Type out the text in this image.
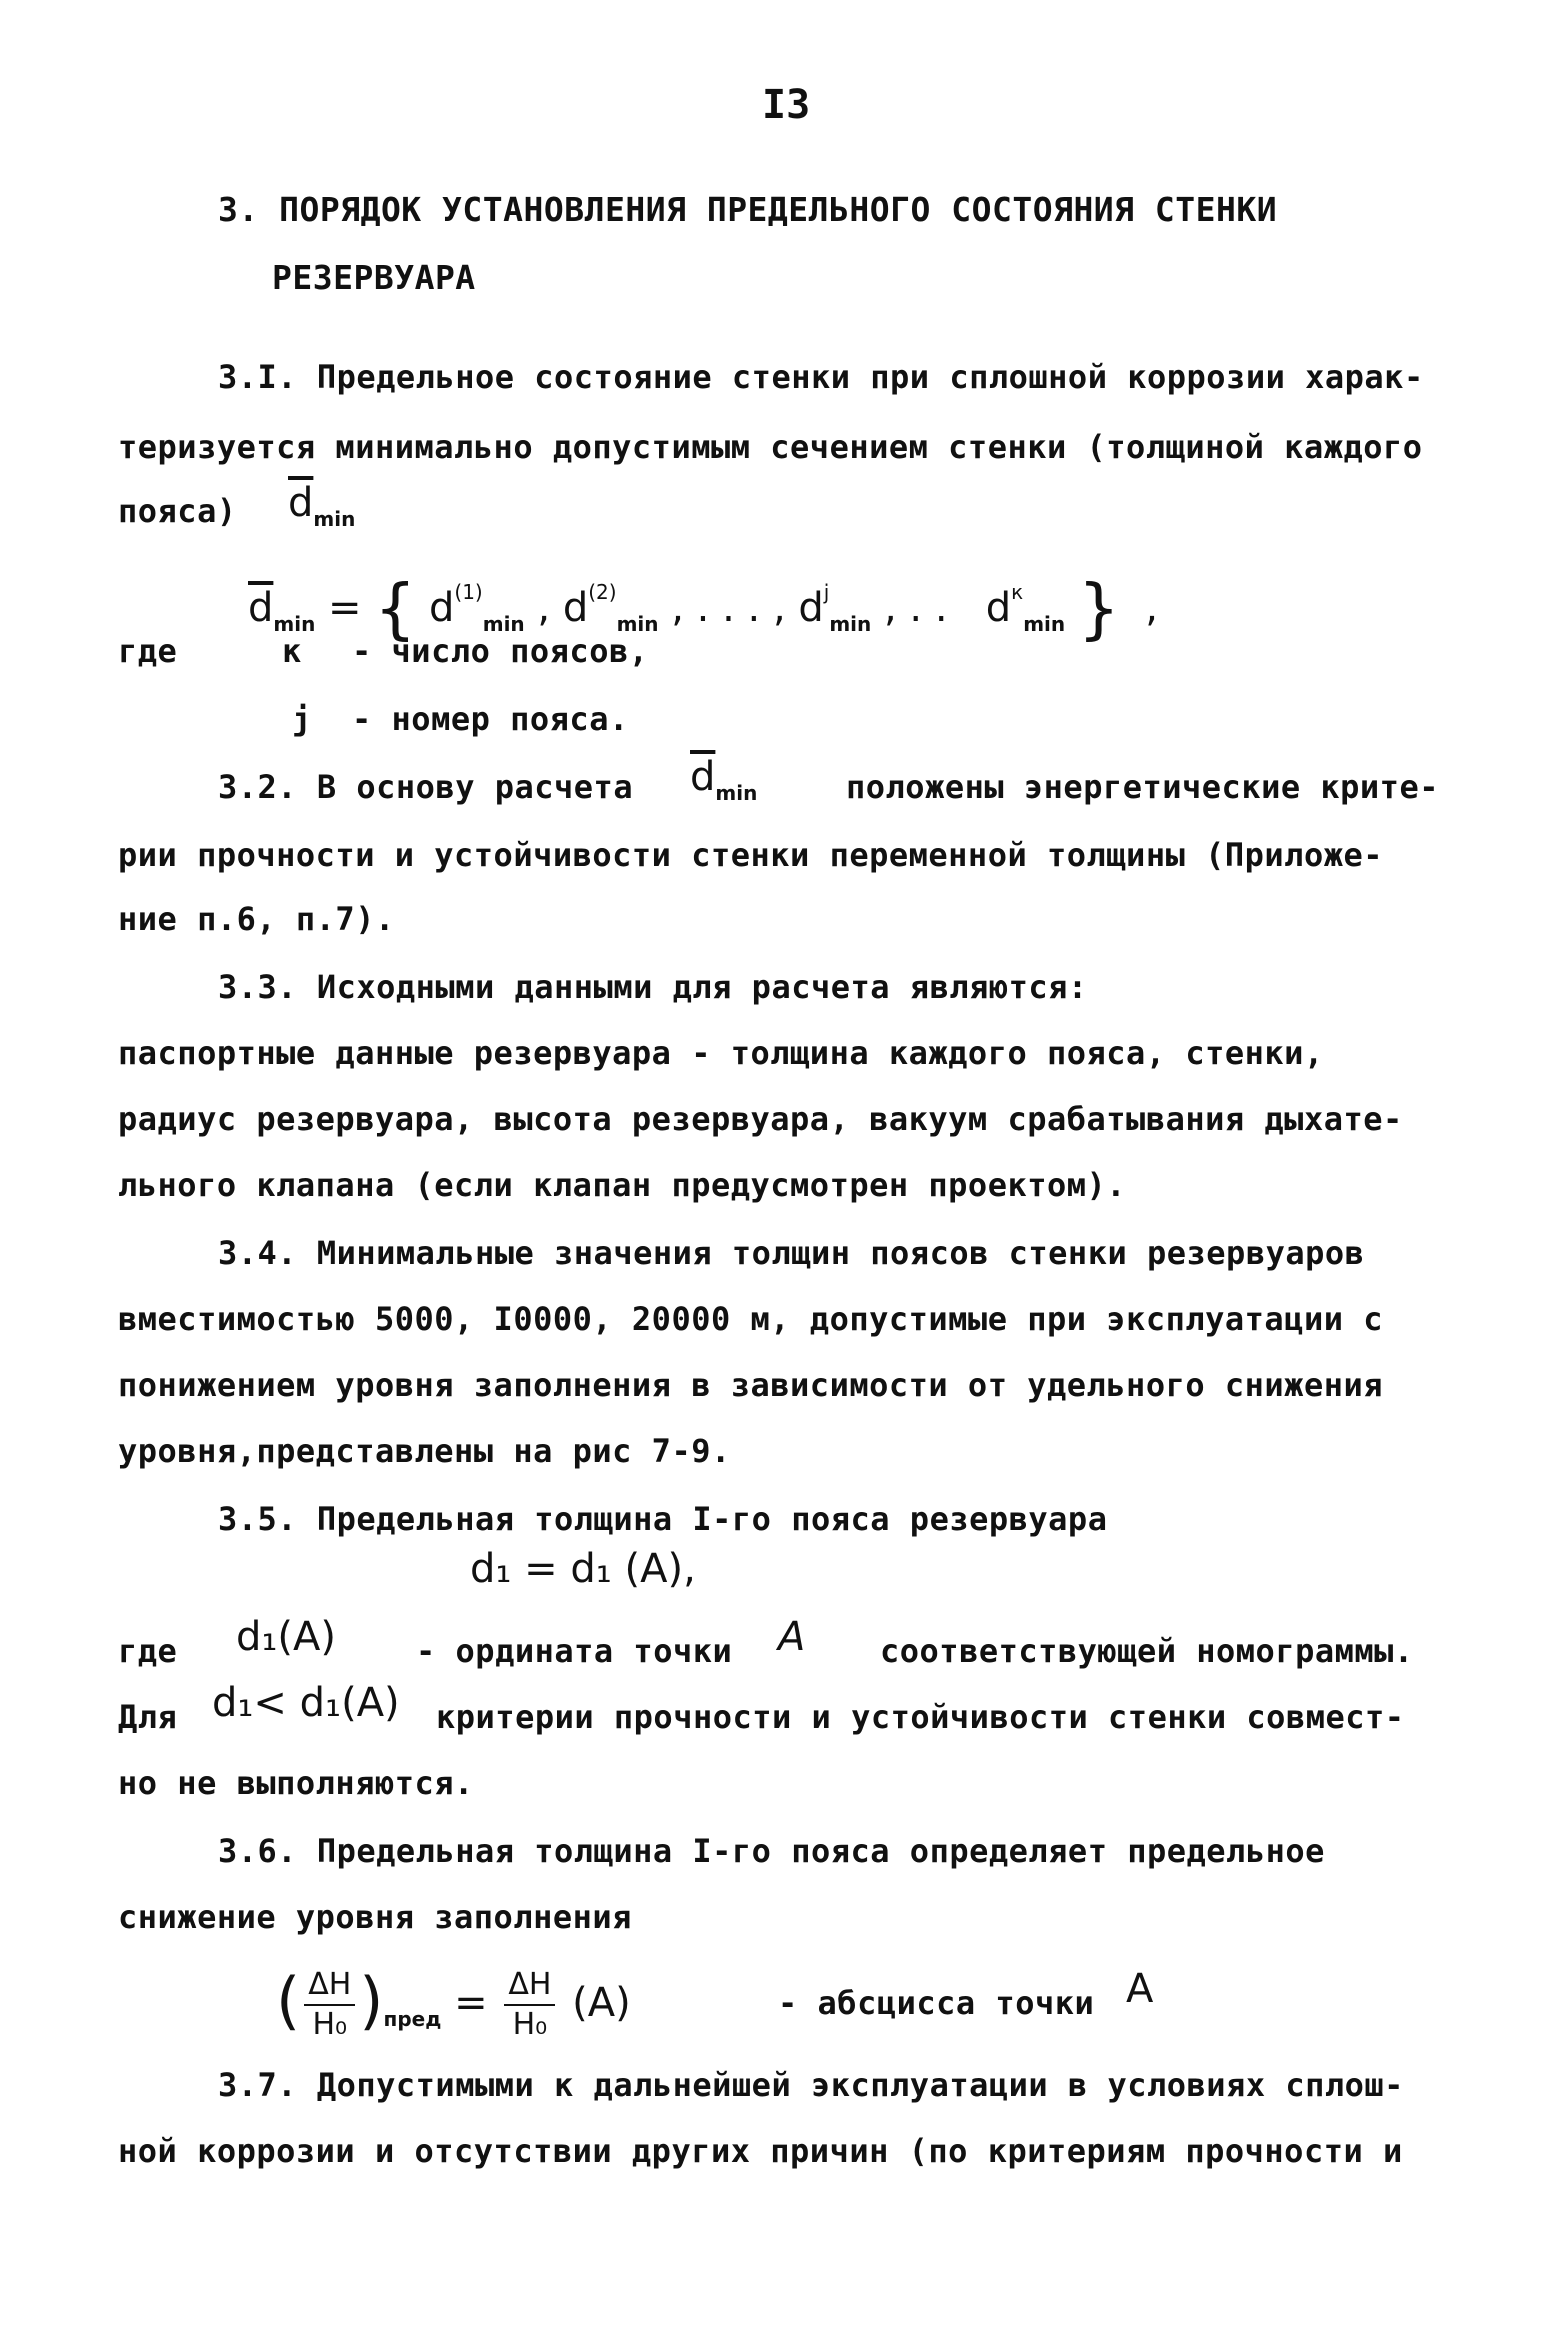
I3
3. ПОРЯДОК УСТАНОВЛЕНИЯ ПРЕДЕЛЬНОГО СОСТОЯНИЯ СТЕНКИ
РЕЗЕРВУАРА
3.I. Предельное состояние стенки при сплошной коррозии харак-
теризуется минимально допустимым сечением стенки (толщиной каждого
пояса) $\overline{d}_{min}$
$\overline{d}_{min}$ = { $d^{(1)}_{min}$ , $d^{(2)}_{min}$ , . . . , $d^j_{min}$ , . .   $d^к_{min}$ }  ,
где	к - число поясов,
j - номер пояса.
3.2. В основу расчета $\overline{d}_{min}$	положены энергетические крите-
рии прочности и устойчивости стенки переменной толщины (Приложе-
ние п.6, п.7).
3.3. Исходными данными для расчета являются:
паспортные данные резервуара - толщина каждого пояса, стенки,
радиус резервуара, высота резервуара, вакуум срабатывания дыхате-
льного клапана (если клапан предусмотрен проектом).
3.4. Минимальные значения толщин поясов стенки резервуаров
вместимостью 5000, I0000, 20000 м, допустимые при эксплуатации с
понижением уровня заполнения в зависимости от удельного снижения
уровня,представлены на рис 7-9.
3.5. Предельная толщина I-го пояса резервуара
d₁ = d₁ (A),
где d₁(A)	- ордината точки A соответствующей номограммы.
Для d₁< d₁(A) критерии прочности и устойчивости стенки совмест-
но не выполняются.
3.6. Предельная толщина I-го пояса определяет предельное
снижение уровня заполнения
( $\frac{\Delta H}{\text{H₀}} )_{пред} = \frac{\Delta H}{\text{H₀}} (A)$	- абсцисса точки A
3.7. Допустимыми к дальнейшей эксплуатации в условиях сплош-
ной коррозии и отсутствии других причин (по критериям прочности и
